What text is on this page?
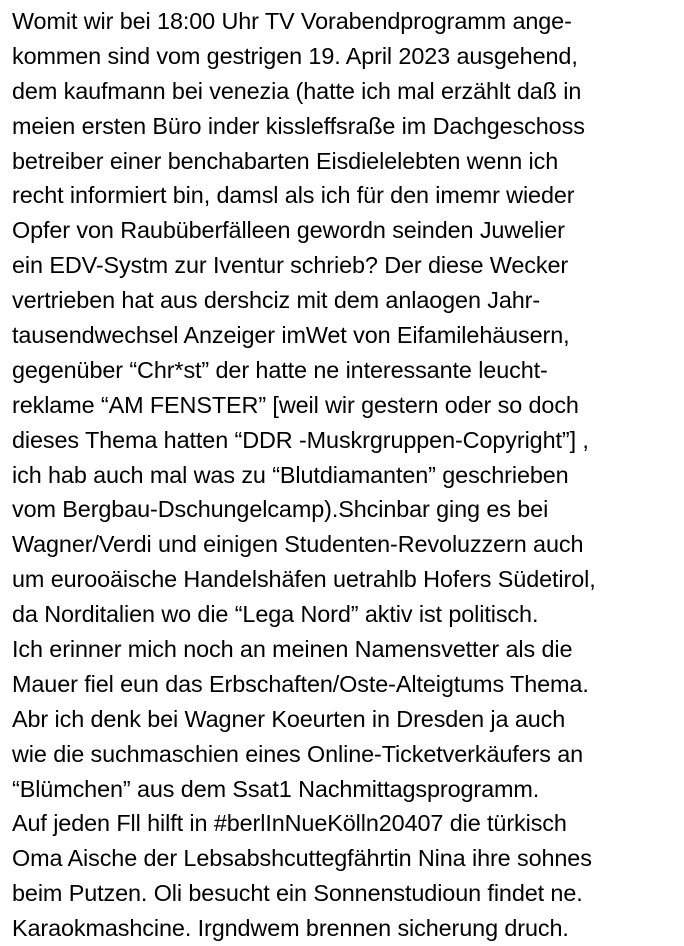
Womit wir bei 18:00 Uhr TV Vorabendprogramm ange-
kommen sind vom gestrigen 19. April 2023 ausgehend,
dem kaufmann bei venezia (hatte ich mal erzählt daß in
meien ersten Büro inder kissleffsraße im Dachgeschoss
betreiber einer benchabarten Eisdielelebten wenn ich
recht informiert bin, damsl als ich für den imemr wieder
Opfer von Raubüberfälleen gewordn seinden Juwelier
ein EDV-Systm zur Iventur schrieb? Der diese Wecker
vertrieben hat aus dershciz mit dem anlaogen Jahr-
tausendwechsel Anzeiger imWet von Eifamilehäusern,
gegenüber “Chr*st” der hatte ne interessante leucht-
reklame “AM FENSTER” [weil wir gestern oder so doch
dieses Thema hatten “DDR -Muskrgruppen-Copyright”] ,
ich hab auch mal was zu “Blutdiamanten” geschrieben
vom Bergbau-Dschungelcamp).Shcinbar ging es bei
Wagner/Verdi und einigen Studenten-Revoluzzern auch
um eurooäische Handelshäfen uetrahlb Hofers Südetirol,
da Norditalien wo die “Lega Nord” aktiv ist politisch.
Ich erinner mich noch an meinen Namensvetter als die
Mauer fiel eun das Erbschaften/Oste-Alteigtums Thema.
Abr ich denk bei Wagner Koeurten in Dresden ja auch
wie die suchmaschien eines Online-Ticketverkäufers an
“Blümchen” aus dem Ssat1 Nachmittagsprogramm.
Auf jeden Fll hilft in #berlInNueKölln20407 die türkisch
Oma Aische der Lebsabshcuttegfährtin Nina ihre sohnes
beim Putzen. Oli besucht ein Sonnenstudioun findet ne.
Karaokmashcine. Irgndwem brennen sicherung druch.
